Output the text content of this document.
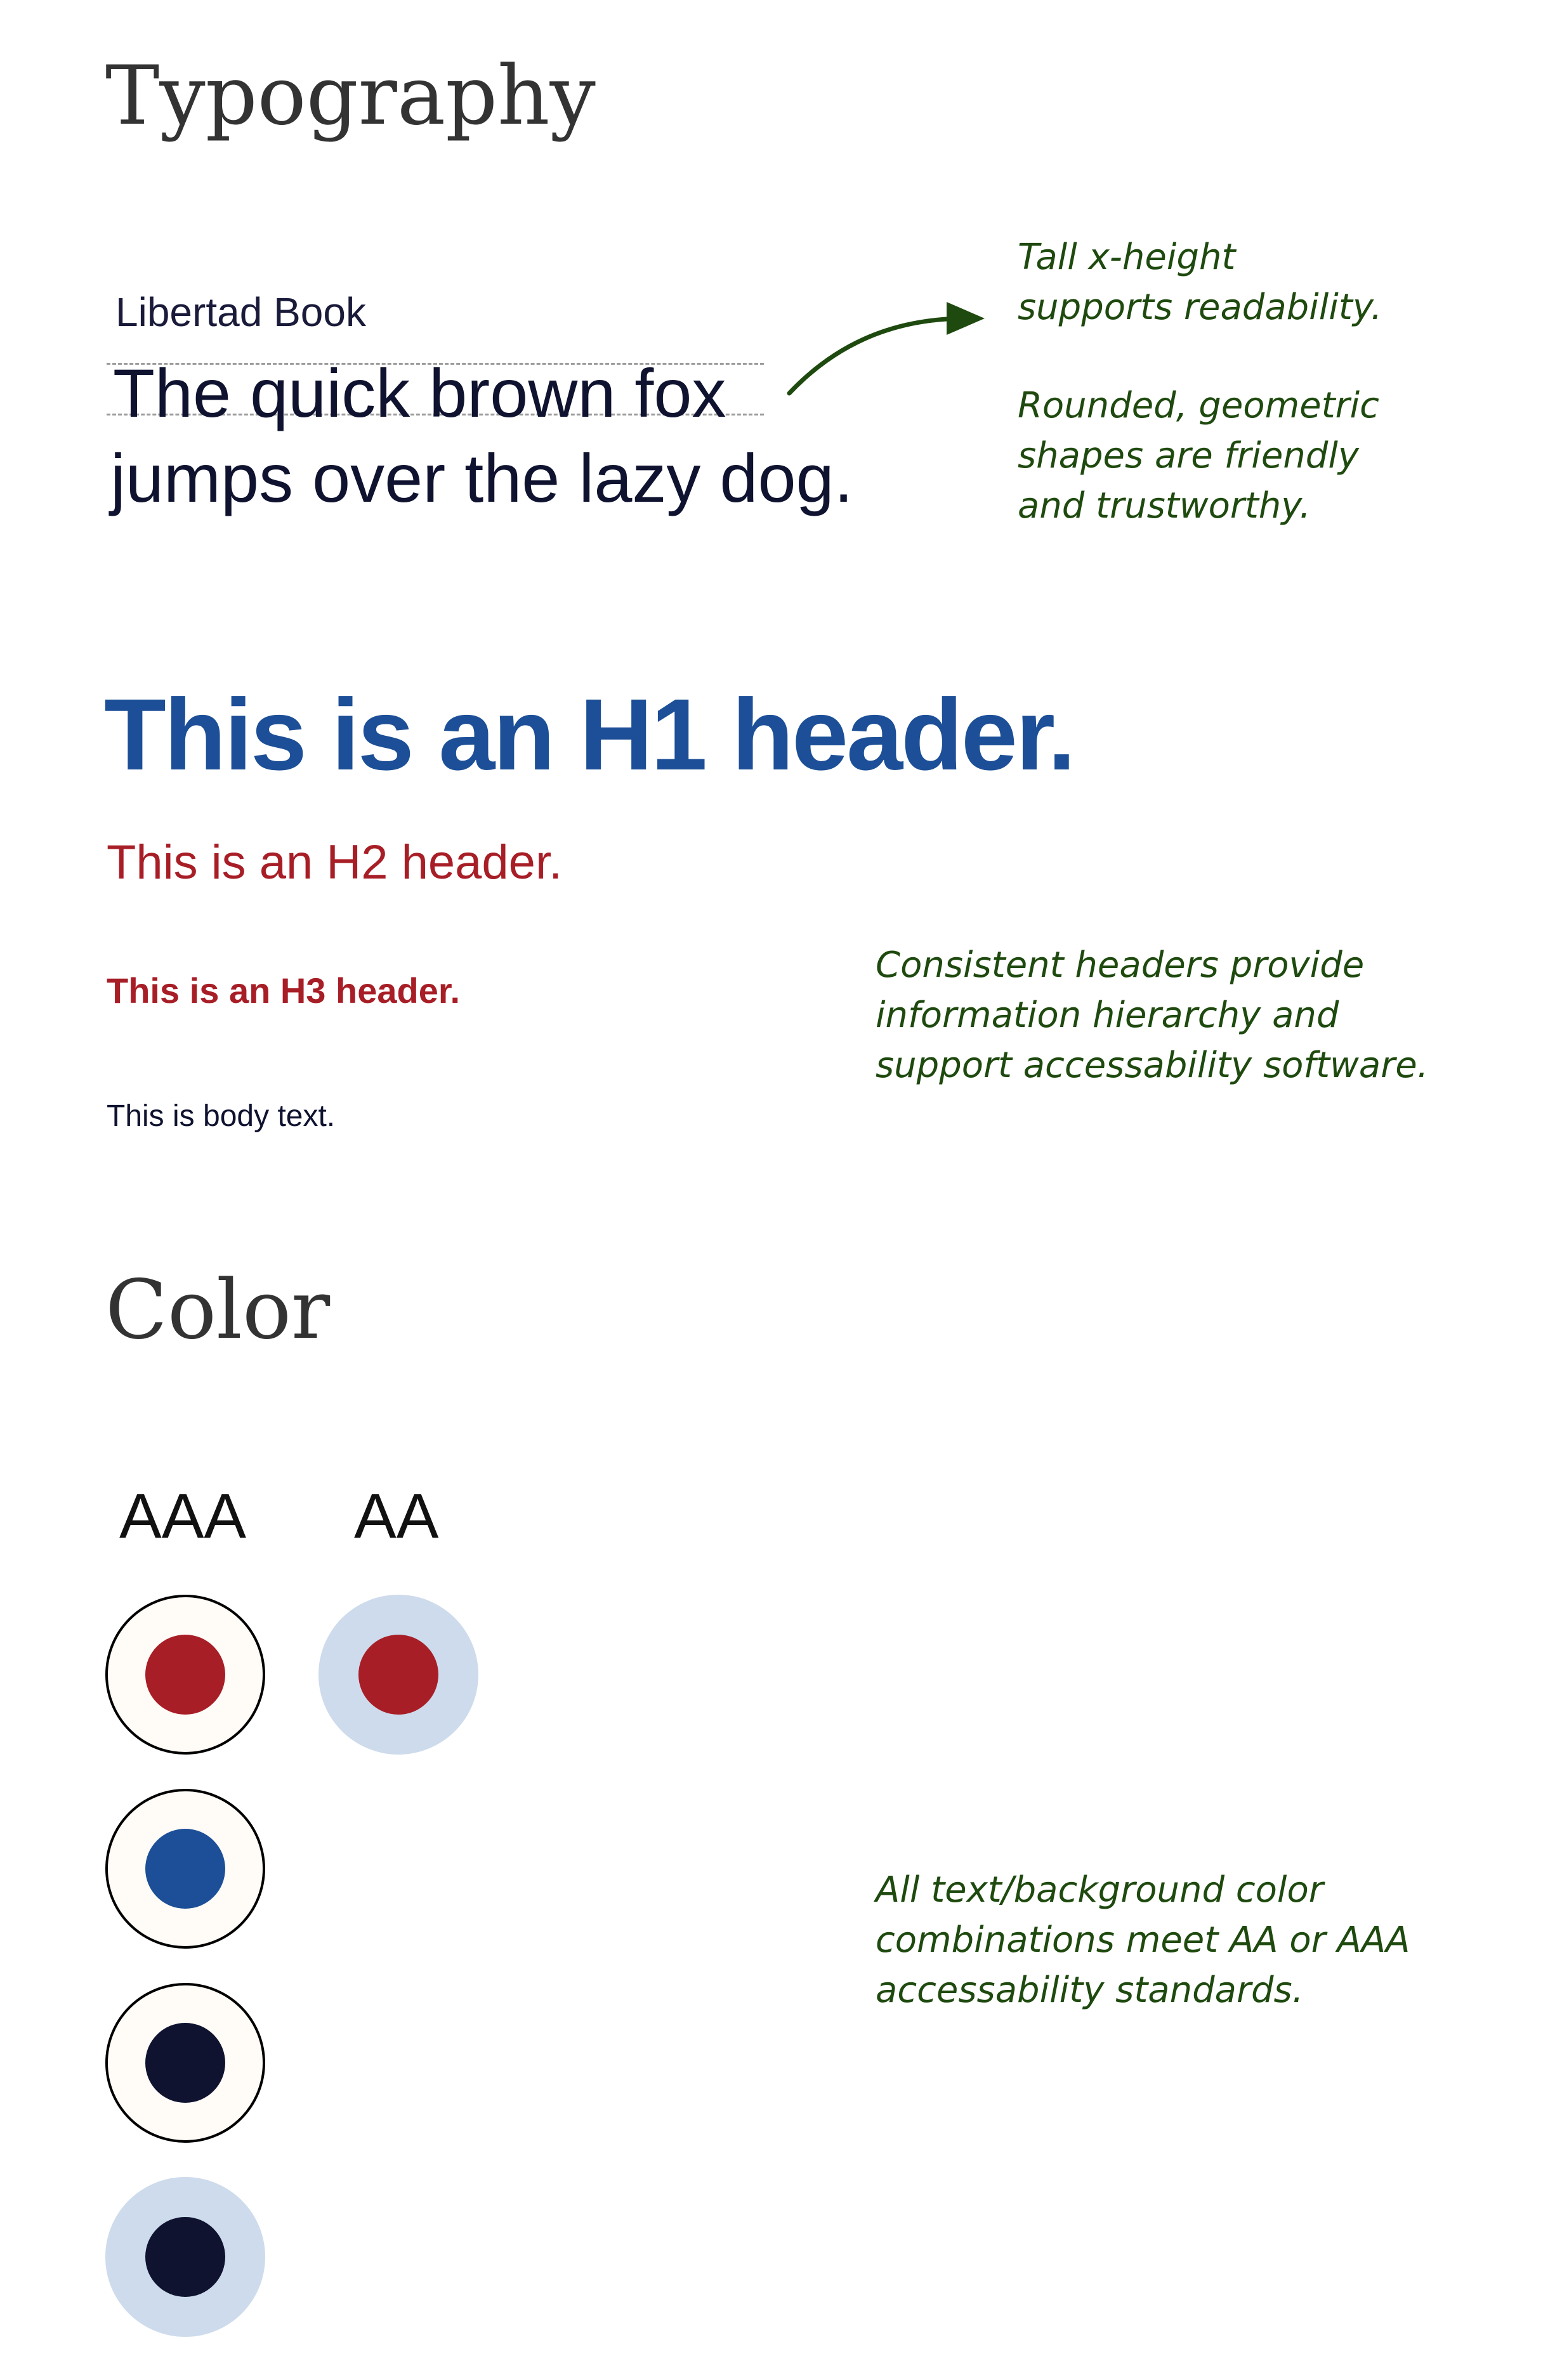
Typography
Libertad Book
The quick brown fox
jumps over the lazy dog.
Tall x-height
supports readability.
Rounded, geometric
shapes are friendly
and trustworthy.
This is an H1 header.
This is an H2 header.
This is an H3 header.
This is body text.
Consistent headers provide
information hierarchy and
support accessability software.
Color
AAA AA
All text/background color
combinations meet AA or AAA
accessability standards.
